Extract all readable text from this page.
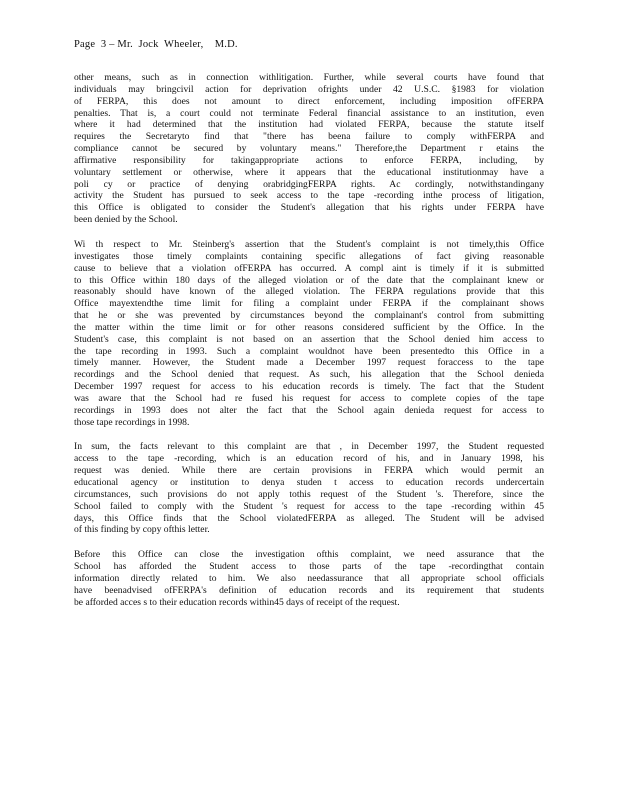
Page  3 – Mr.  Jock  Wheeler,    M.D.
other means, such as in connection withlitigation. Further, while several courts have found that
individuals may bringcivil action for deprivation ofrights under 42 U.S.C. §1983 for violation
of FERPA, this does not amount to direct enforcement, including imposition ofFERPA
penalties. That is, a court could not terminate Federal financial assistance to an institution, even
where it had determined that the institution had violated FERPA, because the statute itself
requires the Secretaryto find that "there has beena failure to comply withFERPA and
compliance cannot be secured by voluntary means." Therefore,the Department r etains the
affirmative responsibility for takingappropriate actions to enforce FERPA, including, by
voluntary settlement or otherwise, where it appears that the educational institutionmay have a
poli cy or practice of denying orabridgingFERPA rights. Ac cordingly, notwithstandingany
activity the Student has pursued to seek access to the tape -recording inthe process of litigation,
this Office is obligated to consider the Student's allegation that his rights under FERPA have
been denied by the School.
Wi th respect to Mr. Steinberg's assertion that the Student's complaint is not timely,this Office
investigates those timely complaints containing specific allegations of fact giving reasonable
cause to believe that a violation ofFERPA has occurred. A compl aint is timely if it is submitted
to this Office within 180 days of the alleged violation or of the date that the complainant knew or
reasonably should have known of the alleged violation. The FERPA regulations provide that this
Office mayextendthe time limit for filing a complaint under FERPA if the complainant shows
that he or she was prevented by circumstances beyond the complainant's control from submitting
the matter within the time limit or for other reasons considered sufficient by the Office. In the
Student's case, this complaint is not based on an assertion that the School denied him access to
the tape recording in 1993. Such a complaint wouldnot have been presentedto this Office in a
timely manner. However, the Student made a December 1997 request foraccess to the tape
recordings and the School denied that request. As such, his allegation that the School denieda
December 1997 request for access to his education records is timely. The fact that the Student
was aware that the School had re fused his request for access to complete copies of the tape
recordings in 1993 does not alter the fact that the School again denieda request for access to
those tape recordings in 1998.
In sum, the facts relevant to this complaint are that , in December 1997, the Student requested
access to the tape -recording, which is an education record of his, and in January 1998, his
request was denied. While there are certain provisions in FERPA which would permit an
educational agency or institution to denya studen t access to education records undercertain
circumstances, such provisions do not apply tothis request of the Student 's. Therefore, since the
School failed to comply with the Student 's request for access to the tape -recording within 45
days, this Office finds that the School violatedFERPA as alleged. The Student will be advised
of this finding by copy ofthis letter.
Before this Office can close the investigation ofthis complaint, we need assurance that the
School has afforded the Student access to those parts of the tape -recordingthat contain
information directly related to him. We also needassurance that all appropriate school officials
have beenadvised ofFERPA's definition of education records and its requirement that students
be afforded acces s to their education records within45 days of receipt of the request.
